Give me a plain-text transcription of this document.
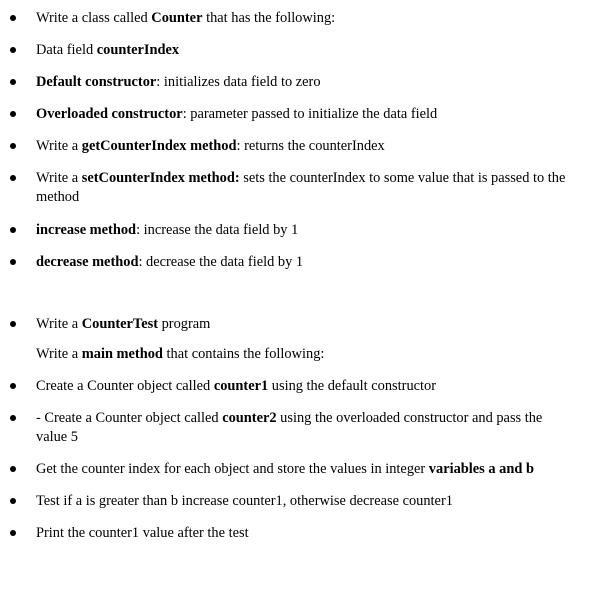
Write a class called Counter that has the following:

Data field counterIndex

Default constructor: initializes data field to zero

Overloaded constructor: parameter passed to initialize the data field

Write a getCounterIndex method: returns the counterIndex

Write a setCounterIndex method: sets the counterIndex to some value that is passed to the method

increase method: increase the data field by 1

decrease method: decrease the data field by 1

Write a CounterTest program

Write a main method that contains the following:

Create a Counter object called counter1 using the default constructor

- Create a Counter object called counter2 using the overloaded constructor and pass the value 5

Get the counter index for each object and store the values in integer variables a and b

Test if a is greater than b increase counter1, otherwise decrease counter1

Print the counter1 value after the test
